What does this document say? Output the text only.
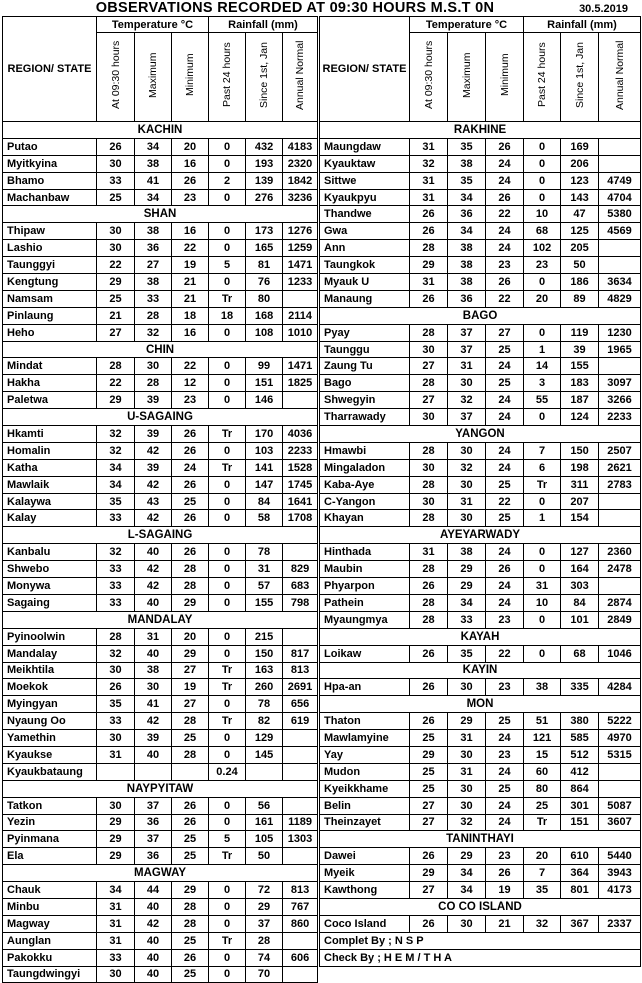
OBSERVATIONS RECORDED AT 09:30 HOURS M.S.T 0N	30.5.2019
REGION/ STATE	Temperature °C			Rainfall (mm)		
	At 09:30 hours	Maximum	Minimum	Past 24 hours	Since 1st, Jan	Annual Normal
KACHIN						
Putao	26	34	20	0	432	4183
Myitkyina	30	38	16	0	193	2320
Bhamo	33	41	26	2	139	1842
Machanbaw	25	34	23	0	276	3236
SHAN						
Thipaw	30	38	16	0	173	1276
Lashio	30	36	22	0	165	1259
Taunggyi	22	27	19	5	81	1471
Kengtung	29	38	21	0	76	1233
Namsam	25	33	21	Tr	80	
Pinlaung	21	28	18	18	168	2114
Heho	27	32	16	0	108	1010
CHIN						
Mindat	28	30	22	0	99	1471
Hakha	22	28	12	0	151	1825
Paletwa	29	39	23	0	146	
U-SAGAING						
Hkamti	32	39	26	Tr	170	4036
Homalin	32	42	26	0	103	2233
Katha	34	39	24	Tr	141	1528
Mawlaik	34	42	26	0	147	1745
Kalaywa	35	43	25	0	84	1641
Kalay	33	42	26	0	58	1708
L-SAGAING						
Kanbalu	32	40	26	0	78	
Shwebo	33	42	28	0	31	829
Monywa	33	42	28	0	57	683
Sagaing	33	40	29	0	155	798
MANDALAY						
Pyinoolwin	28	31	20	0	215	
Mandalay	32	40	29	0	150	817
Meikhtila	30	38	27	Tr	163	813
Moekok	26	30	19	Tr	260	2691
Myingyan	35	41	27	0	78	656
Nyaung Oo	33	42	28	Tr	82	619
Yamethin	30	39	25	0	129	
Kyaukse	31	40	28	0	145	
Kyaukbataung				0.24		
NAYPYITAW						
Tatkon	30	37	26	0	56	
Yezin	29	36	26	0	161	1189
Pyinmana	29	37	25	5	105	1303
Ela	29	36	25	Tr	50	
MAGWAY						
Chauk	34	44	29	0	72	813
Minbu	31	40	28	0	29	767
Magway	31	42	28	0	37	860
Aunglan	31	40	25	Tr	28	
Pakokku	33	40	26	0	74	606
Taungdwingyi	30	40	25	0	70	
REGION/ STATE	Temperature °C			Rainfall (mm)		
	At 09:30 hours	Maximum	Minimum	Past 24 hours	Since 1st, Jan	Annual Normal
RAKHINE						
Maungdaw	31	35	26	0	169	
Kyauktaw	32	38	24	0	206	
Sittwe	31	35	24	0	123	4749
Kyaukpyu	31	34	26	0	143	4704
Thandwe	26	36	22	10	47	5380
Gwa	26	34	24	68	125	4569
Ann	28	38	24	102	205	
Taungkok	29	38	23	23	50	
Myauk U	31	38	26	0	186	3634
Manaung	26	36	22	20	89	4829
BAGO						
Pyay	28	37	27	0	119	1230
Taunggu	30	37	25	1	39	1965
Zaung Tu	27	31	24	14	155	
Bago	28	30	25	3	183	3097
Shwegyin	27	32	24	55	187	3266
Tharrawady	30	37	24	0	124	2233
YANGON						
Hmawbi	28	30	24	7	150	2507
Mingaladon	30	32	24	6	198	2621
Kaba-Aye	28	30	25	Tr	311	2783
C-Yangon	30	31	22	0	207	
Khayan	28	30	25	1	154	
AYEYARWADY						
Hinthada	31	38	24	0	127	2360
Maubin	28	29	26	0	164	2478
Phyarpon	26	29	24	31	303	
Pathein	28	34	24	10	84	2874
Myaungmya	28	33	23	0	101	2849
KAYAH						
Loikaw	26	35	22	0	68	1046
KAYIN						
Hpa-an	26	30	23	38	335	4284
MON						
Thaton	26	29	25	51	380	5222
Mawlamyine	25	31	24	121	585	4970
Yay	29	30	23	15	512	5315
Mudon	25	31	24	60	412	
Kyeikkhame	25	30	25	80	864	
Belin	27	30	24	25	301	5087
Theinzayet	27	32	24	Tr	151	3607
TANINTHAYI						
Dawei	26	29	23	20	610	5440
Myeik	29	34	26	7	364	3943
Kawthong	27	34	19	35	801	4173
CO CO ISLAND						
Coco Island	26	30	21	32	367	2337
Complet By ; N S P						
Check By ; H E M / T H A						
